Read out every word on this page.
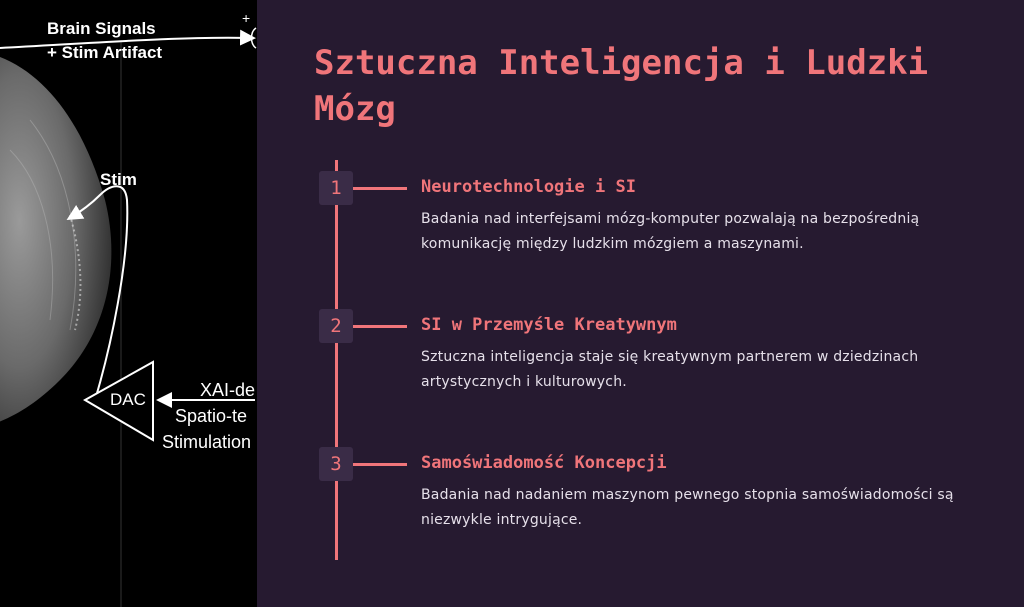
+
Brain Signals
+ Stim Artifact
Stim
DAC	XAI-de
Spatio-te
Stimulation
Sztuczna Inteligencja i Ludzki Mózg
1	Neurotechnologie i SI

Badania nad interfejsami mózg-komputer pozwalają na bezpośrednią komunikację między ludzkim mózgiem a maszynami.

2	SI w Przemyśle Kreatywnym

Sztuczna inteligencja staje się kreatywnym partnerem w dziedzinach artystycznych i kulturowych.

3	Samoświadomość Koncepcji

Badania nad nadaniem maszynom pewnego stopnia samoświadomości są niezwykle intrygujące.
